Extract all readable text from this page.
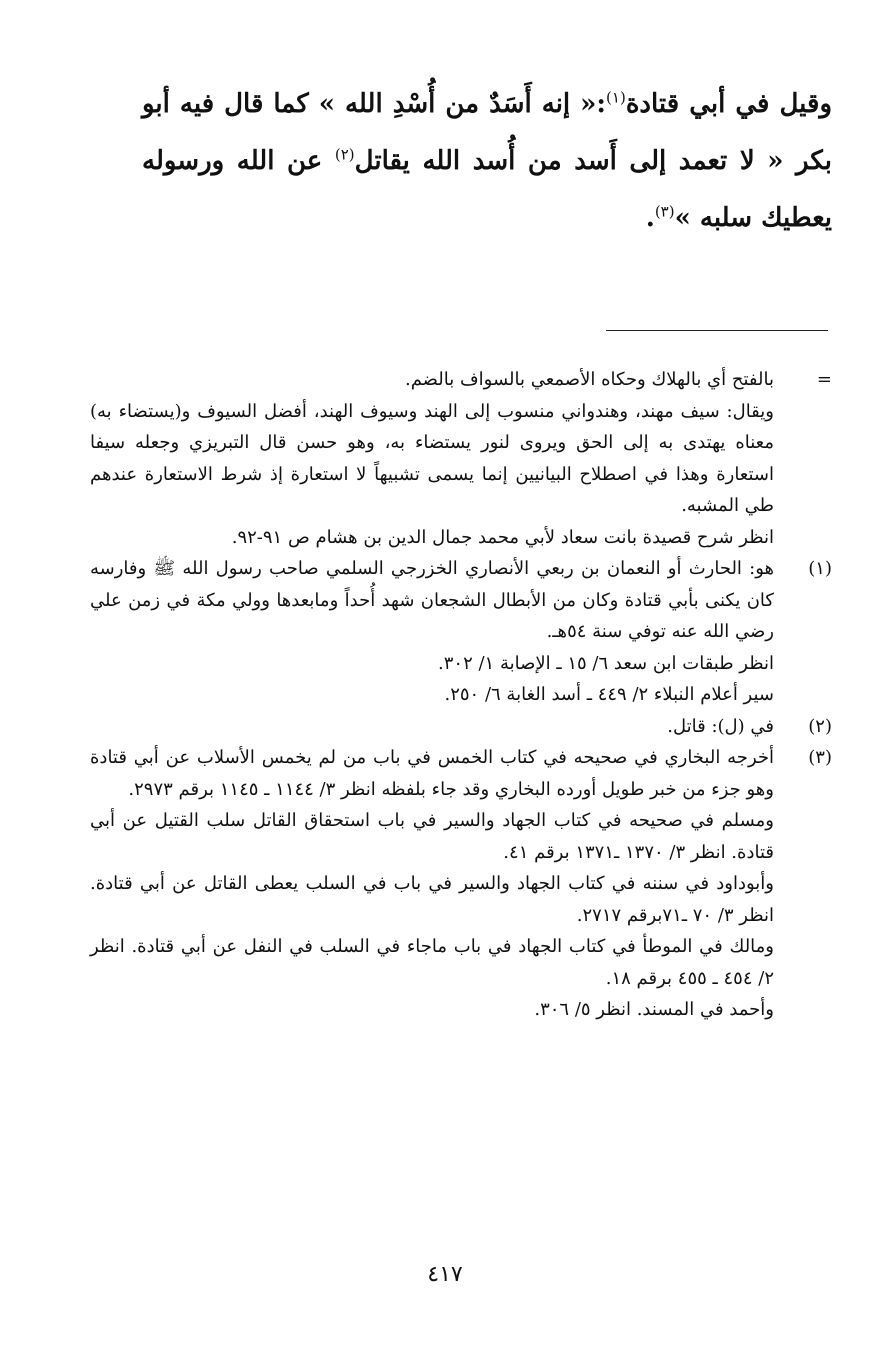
وقيل في أبي قتادة$^{(١)}$:« إنه أَسَدٌ من أُسْدِ الله » كما قال فيه أبو بكر « لا تعمد إلى أَسد من أُسد الله يقاتل$^{(٢)}$ عن الله ورسوله يعطيك سلبه »$^{(٣)}$.

=

بالفتح أي بالهلاك وحكاه الأصمعي بالسواف بالضم.

ويقال: سيف مهند، وهندواني منسوب إلى الهند وسيوف الهند، أفضل السيوف و(يستضاء به) معناه يهتدى به إلى الحق ويروى لنور يستضاء به، وهو حسن قال التبريزي وجعله سيفا استعارة وهذا في اصطلاح البيانيين إنما يسمى تشبيهاً لا استعارة إذ شرط الاستعارة عندهم طي المشبه.

انظر شرح قصيدة بانت سعاد لأبي محمد جمال الدين بن هشام ص ٩١-٩٢.

(١)

هو: الحارث أو النعمان بن ربعي الأنصاري الخزرجي السلمي صاحب رسول الله ﷺ وفارسه كان يكنى بأبي قتادة وكان من الأبطال الشجعان شهد أُحداً ومابعدها وولي مكة في زمن علي رضي الله عنه توفي سنة ٥٤هـ.

انظر طبقات ابن سعد ٦/ ١٥ ـ الإصابة ١/ ٣٠٢.

سير أعلام النبلاء ٢/ ٤٤٩ ـ أسد الغابة ٦/ ٢٥٠.

(٢)

في (ل): قاتل.

(٣)

أخرجه البخاري في صحيحه في كتاب الخمس في باب من لم يخمس الأسلاب عن أبي قتادة وهو جزء من خبر طويل أورده البخاري وقد جاء بلفظه انظر ٣/ ١١٤٤ ـ ١١٤٥ برقم ٢٩٧٣.

ومسلم في صحيحه في كتاب الجهاد والسير في باب استحقاق القاتل سلب القتيل عن أبي قتادة. انظر ٣/ ١٣٧٠ ـ١٣٧١ برقم ٤١.

وأبوداود في سننه في كتاب الجهاد والسير في باب في السلب يعطى القاتل عن أبي قتادة. انظر ٣/ ٧٠ ـ٧١برقم ٢٧١٧.

ومالك في الموطأ في كتاب الجهاد في باب ماجاء في السلب في النفل عن أبي قتادة. انظر ٢/ ٤٥٤ ـ ٤٥٥ برقم ١٨.

وأحمد في المسند. انظر ٥/ ٣٠٦.

٤١٧
